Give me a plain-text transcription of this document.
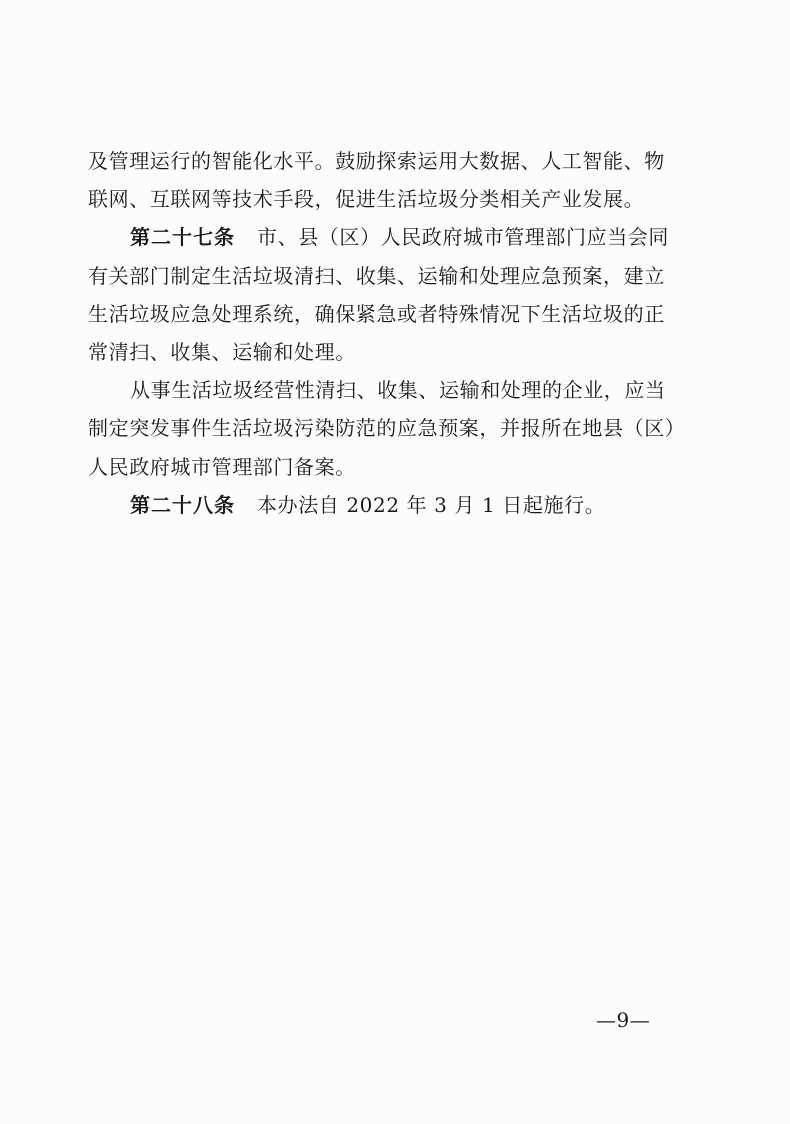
及管理运行的智能化水平。鼓励探索运用大数据、人工智能、物
联网、互联网等技术手段，促进生活垃圾分类相关产业发展。
第二十七条 市、县（区）人民政府城市管理部门应当会同
有关部门制定生活垃圾清扫、收集、运输和处理应急预案，建立
生活垃圾应急处理系统，确保紧急或者特殊情况下生活垃圾的正
常清扫、收集、运输和处理。
从事生活垃圾经营性清扫、收集、运输和处理的企业，应当
制定突发事件生活垃圾污染防范的应急预案，并报所在地县（区）
人民政府城市管理部门备案。
第二十八条 本办法自 2022 年 3 月 1 日起施行。
—9—
